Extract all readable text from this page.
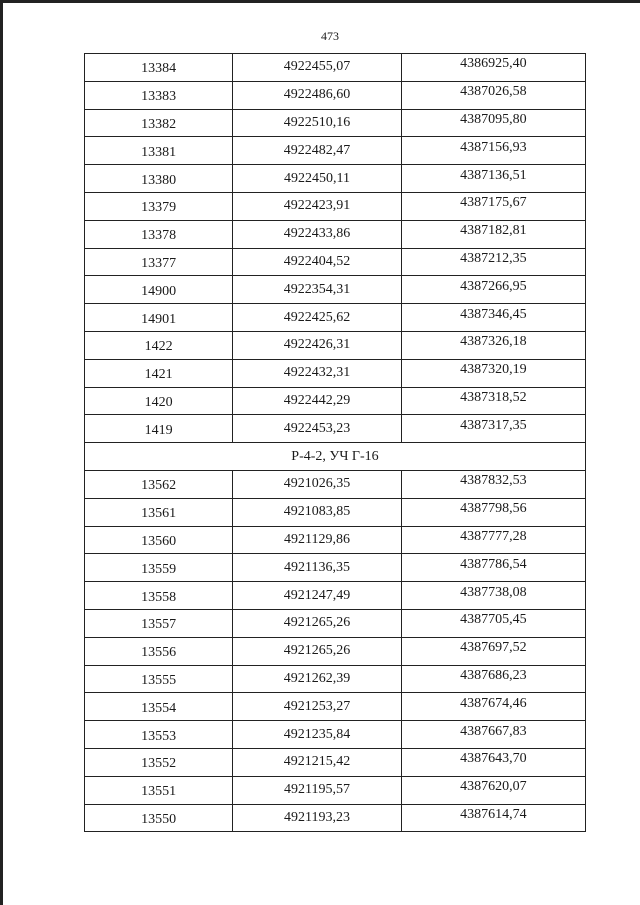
473
13384	4922455,07	4386925,40
13383	4922486,60	4387026,58
13382	4922510,16	4387095,80
13381	4922482,47	4387156,93
13380	4922450,11	4387136,51
13379	4922423,91	4387175,67
13378	4922433,86	4387182,81
13377	4922404,52	4387212,35
14900	4922354,31	4387266,95
14901	4922425,62	4387346,45
1422	4922426,31	4387326,18
1421	4922432,31	4387320,19
1420	4922442,29	4387318,52
1419	4922453,23	4387317,35
Р-4-2, УЧ Г-16		
13562	4921026,35	4387832,53
13561	4921083,85	4387798,56
13560	4921129,86	4387777,28
13559	4921136,35	4387786,54
13558	4921247,49	4387738,08
13557	4921265,26	4387705,45
13556	4921265,26	4387697,52
13555	4921262,39	4387686,23
13554	4921253,27	4387674,46
13553	4921235,84	4387667,83
13552	4921215,42	4387643,70
13551	4921195,57	4387620,07
13550	4921193,23	4387614,74
